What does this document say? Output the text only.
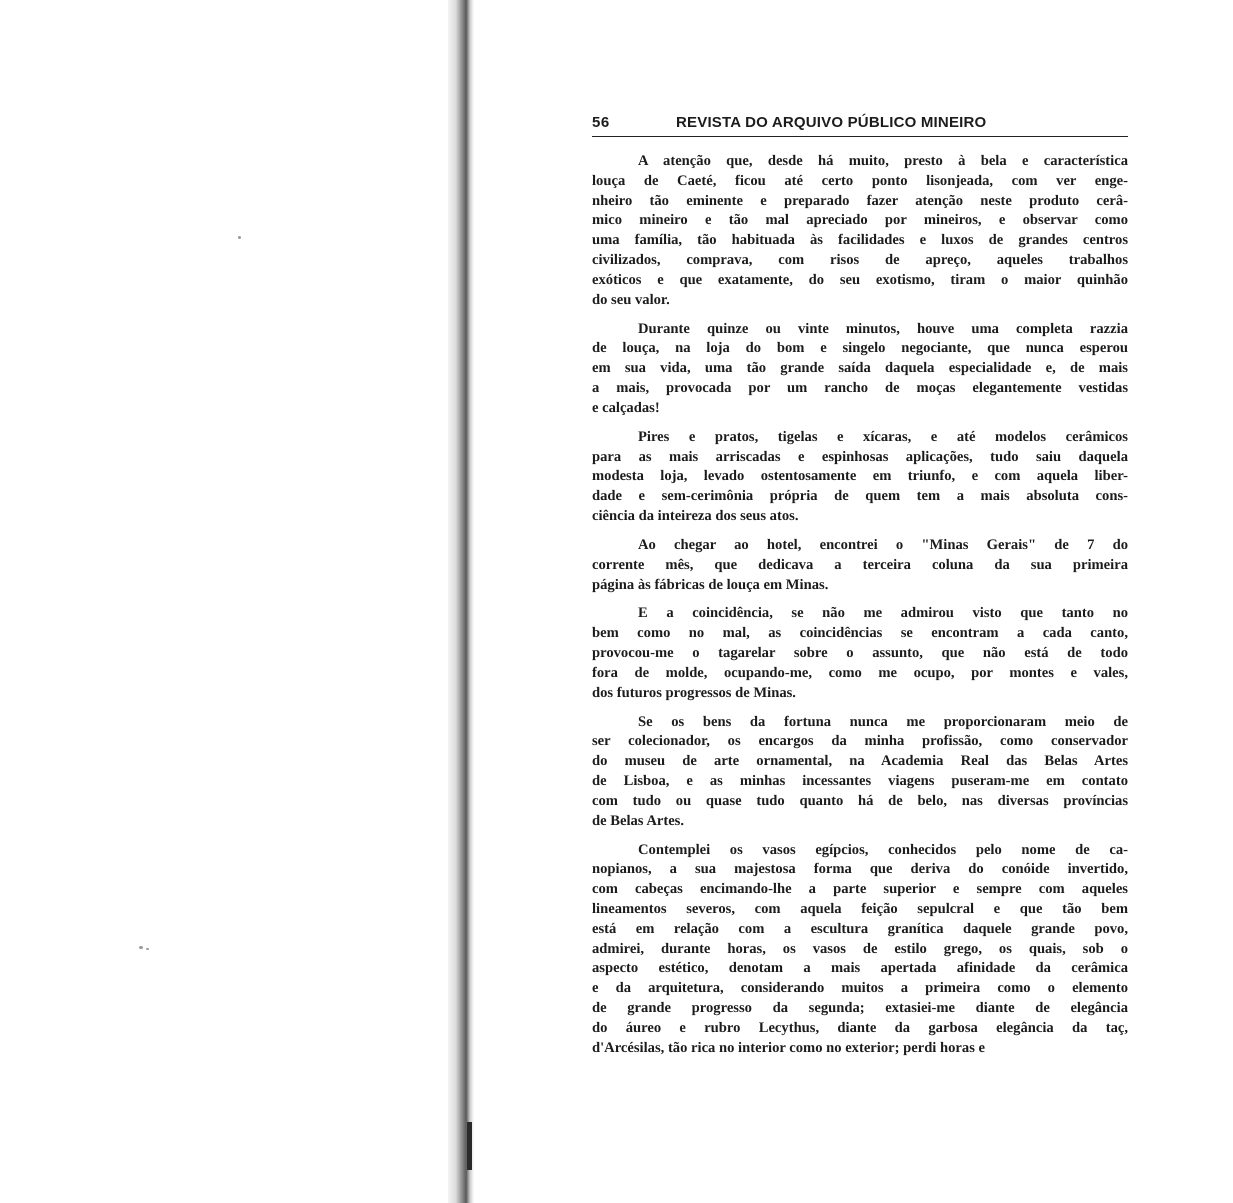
56	REVISTA DO ARQUIVO PÚBLICO MINEIRO
A atenção que, desde há muito, presto à bela e característica
louça de Caeté, ficou até certo ponto lisonjeada, com ver enge-
nheiro tão eminente e preparado fazer atenção neste produto cerâ-
mico mineiro e tão mal apreciado por mineiros, e observar como
uma família, tão habituada às facilidades e luxos de grandes centros
civilizados, comprava, com risos de apreço, aqueles trabalhos
exóticos e que exatamente, do seu exotismo, tiram o maior quinhão
do seu valor.
Durante quinze ou vinte minutos, houve uma completa razzia
de louça, na loja do bom e singelo negociante, que nunca esperou
em sua vida, uma tão grande saída daquela especialidade e, de mais
a mais, provocada por um rancho de moças elegantemente vestidas
e calçadas!
Pires e pratos, tigelas e xícaras, e até modelos cerâmicos
para as mais arriscadas e espinhosas aplicações, tudo saiu daquela
modesta loja, levado ostentosamente em triunfo, e com aquela liber-
dade e sem-cerimônia própria de quem tem a mais absoluta cons-
ciência da inteireza dos seus atos.
Ao chegar ao hotel, encontrei o "Minas Gerais" de 7 do
corrente mês, que dedicava a terceira coluna da sua primeira
página às fábricas de louça em Minas.
E a coincidência, se não me admirou visto que tanto no
bem como no mal, as coincidências se encontram a cada canto,
provocou-me o tagarelar sobre o assunto, que não está de todo
fora de molde, ocupando-me, como me ocupo, por montes e vales,
dos futuros progressos de Minas.
Se os bens da fortuna nunca me proporcionaram meio de
ser colecionador, os encargos da minha profissão, como conservador
do museu de arte ornamental, na Academia Real das Belas Artes
de Lisboa, e as minhas incessantes viagens puseram-me em contato
com tudo ou quase tudo quanto há de belo, nas diversas províncias
de Belas Artes.
Contemplei os vasos egípcios, conhecidos pelo nome de ca-
nopianos, a sua majestosa forma que deriva do conóide invertido,
com cabeças encimando-lhe a parte superior e sempre com aqueles
lineamentos severos, com aquela feição sepulcral e que tão bem
está em relação com a escultura granítica daquele grande povo,
admirei, durante horas, os vasos de estilo grego, os quais, sob o
aspecto estético, denotam a mais apertada afinidade da cerâmica
e da arquitetura, considerando muitos a primeira como o elemento
de grande progresso da segunda; extasiei-me diante de elegância
do áureo e rubro Lecythus, diante da garbosa elegância da taç,
d'Arcésilas, tão rica no interior como no exterior; perdi horas e
